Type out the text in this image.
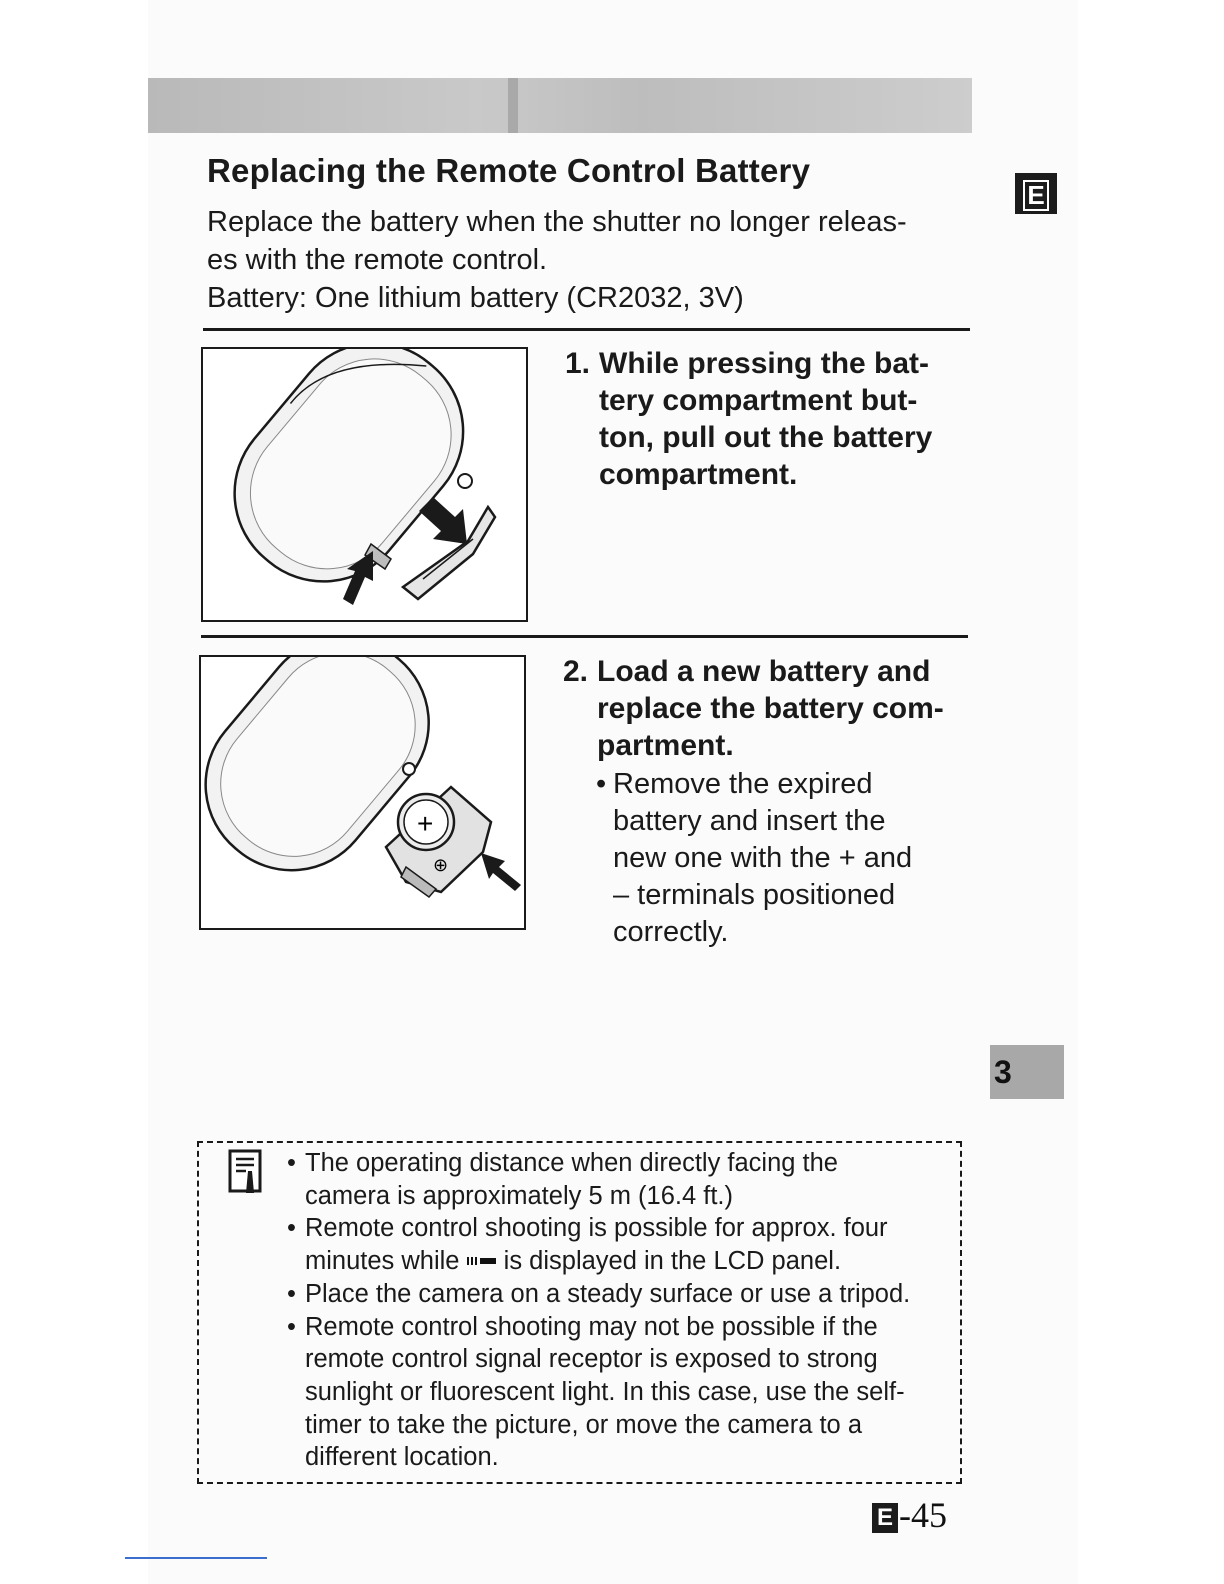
Replacing the Remote Control Battery
Replace the battery when the shutter no longer releas-
es with the remote control.
Battery: One lithium battery (CR2032, 3V)
E
1. While pressing the bat-
tery compartment but-
ton, pull out the battery
compartment.
+
⊕
2. Load a new battery and
replace the battery com-
partment.
• Remove the expired
battery and insert the
new one with the + and
– terminals positioned
correctly.
3
• The operating distance when directly facing the
camera is approximately 5 m (16.4 ft.)
• Remote control shooting is possible for approx. four
minutes while  is displayed in the LCD panel.
• Place the camera on a steady surface or use a tripod.
• Remote control shooting may not be possible if the
remote control signal receptor is exposed to strong
sunlight or fluorescent light. In this case, use the self-
timer to take the picture, or move the camera to a
different location.
E -45
